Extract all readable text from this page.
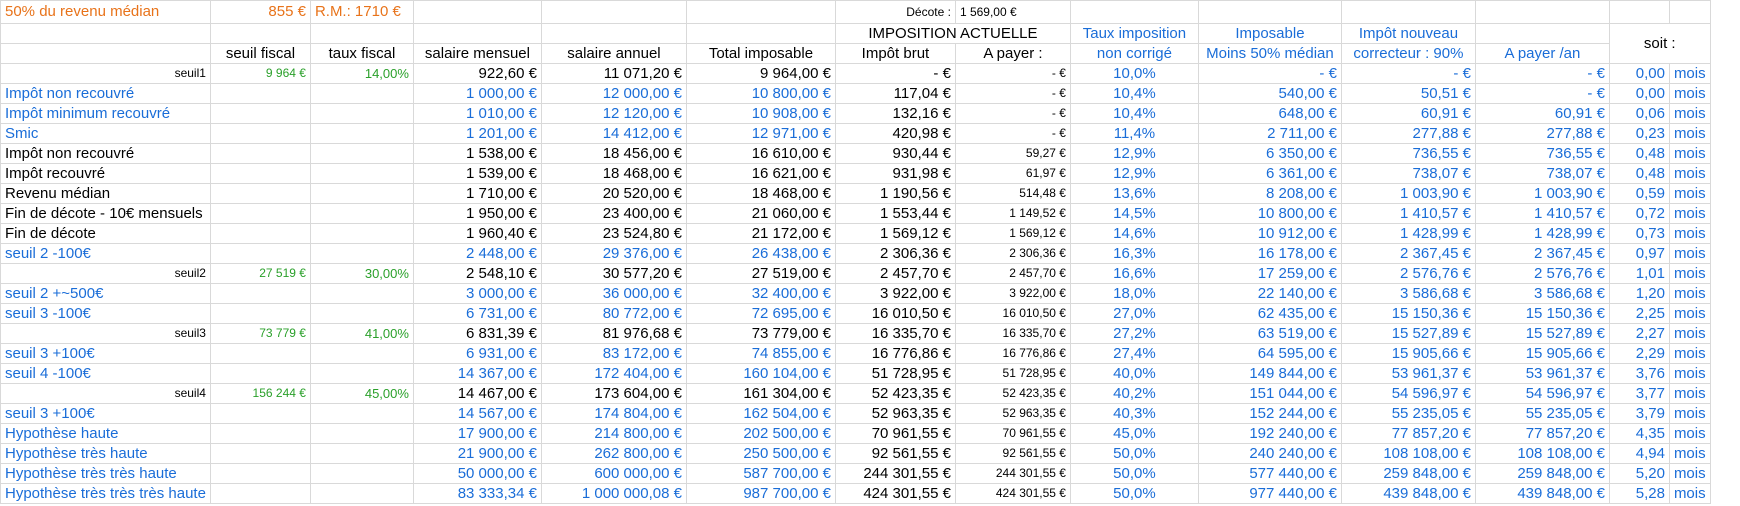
50% du revenu médian	855 €	R.M.: 1710 €				Décote :	1 569,00 €						
						IMPOSITION ACTUELLE		Taux imposition	Imposable	Impôt nouveau		soit :	
	seuil fiscal	taux fiscal	salaire mensuel	salaire annuel	Total imposable	Impôt brut	A payer :	non corrigé	Moins 50% médian	correcteur : 90%	A payer /an		
seuil1	9 964 €	14,00%	922,60 €	11 071,20 €	9 964,00 €	- €	- €	10,0%	- €	- €	- €	0,00	mois
Impôt non recouvré			1 000,00 €	12 000,00 €	10 800,00 €	117,04 €	- €	10,4%	540,00 €	50,51 €	- €	0,00	mois
Impôt minimum recouvré			1 010,00 €	12 120,00 €	10 908,00 €	132,16 €	- €	10,4%	648,00 €	60,91 €	60,91 €	0,06	mois
Smic			1 201,00 €	14 412,00 €	12 971,00 €	420,98 €	- €	11,4%	2 711,00 €	277,88 €	277,88 €	0,23	mois
Impôt non recouvré			1 538,00 €	18 456,00 €	16 610,00 €	930,44 €	59,27 €	12,9%	6 350,00 €	736,55 €	736,55 €	0,48	mois
Impôt recouvré			1 539,00 €	18 468,00 €	16 621,00 €	931,98 €	61,97 €	12,9%	6 361,00 €	738,07 €	738,07 €	0,48	mois
Revenu médian			1 710,00 €	20 520,00 €	18 468,00 €	1 190,56 €	514,48 €	13,6%	8 208,00 €	1 003,90 €	1 003,90 €	0,59	mois
Fin de décote - 10€ mensuels			1 950,00 €	23 400,00 €	21 060,00 €	1 553,44 €	1 149,52 €	14,5%	10 800,00 €	1 410,57 €	1 410,57 €	0,72	mois
Fin de décote			1 960,40 €	23 524,80 €	21 172,00 €	1 569,12 €	1 569,12 €	14,6%	10 912,00 €	1 428,99 €	1 428,99 €	0,73	mois
seuil 2 -100€			2 448,00 €	29 376,00 €	26 438,00 €	2 306,36 €	2 306,36 €	16,3%	16 178,00 €	2 367,45 €	2 367,45 €	0,97	mois
seuil2	27 519 €	30,00%	2 548,10 €	30 577,20 €	27 519,00 €	2 457,70 €	2 457,70 €	16,6%	17 259,00 €	2 576,76 €	2 576,76 €	1,01	mois
seuil 2 +~500€			3 000,00 €	36 000,00 €	32 400,00 €	3 922,00 €	3 922,00 €	18,0%	22 140,00 €	3 586,68 €	3 586,68 €	1,20	mois
seuil 3 -100€			6 731,00 €	80 772,00 €	72 695,00 €	16 010,50 €	16 010,50 €	27,0%	62 435,00 €	15 150,36 €	15 150,36 €	2,25	mois
seuil3	73 779 €	41,00%	6 831,39 €	81 976,68 €	73 779,00 €	16 335,70 €	16 335,70 €	27,2%	63 519,00 €	15 527,89 €	15 527,89 €	2,27	mois
seuil 3 +100€			6 931,00 €	83 172,00 €	74 855,00 €	16 776,86 €	16 776,86 €	27,4%	64 595,00 €	15 905,66 €	15 905,66 €	2,29	mois
seuil 4 -100€			14 367,00 €	172 404,00 €	160 104,00 €	51 728,95 €	51 728,95 €	40,0%	149 844,00 €	53 961,37 €	53 961,37 €	3,76	mois
seuil4	156 244 €	45,00%	14 467,00 €	173 604,00 €	161 304,00 €	52 423,35 €	52 423,35 €	40,2%	151 044,00 €	54 596,97 €	54 596,97 €	3,77	mois
seuil 3 +100€			14 567,00 €	174 804,00 €	162 504,00 €	52 963,35 €	52 963,35 €	40,3%	152 244,00 €	55 235,05 €	55 235,05 €	3,79	mois
Hypothèse haute			17 900,00 €	214 800,00 €	202 500,00 €	70 961,55 €	70 961,55 €	45,0%	192 240,00 €	77 857,20 €	77 857,20 €	4,35	mois
Hypothèse très haute			21 900,00 €	262 800,00 €	250 500,00 €	92 561,55 €	92 561,55 €	50,0%	240 240,00 €	108 108,00 €	108 108,00 €	4,94	mois
Hypothèse très très haute			50 000,00 €	600 000,00 €	587 700,00 €	244 301,55 €	244 301,55 €	50,0%	577 440,00 €	259 848,00 €	259 848,00 €	5,20	mois
Hypothèse très très très haute			83 333,34 €	1 000 000,08 €	987 700,00 €	424 301,55 €	424 301,55 €	50,0%	977 440,00 €	439 848,00 €	439 848,00 €	5,28	mois
